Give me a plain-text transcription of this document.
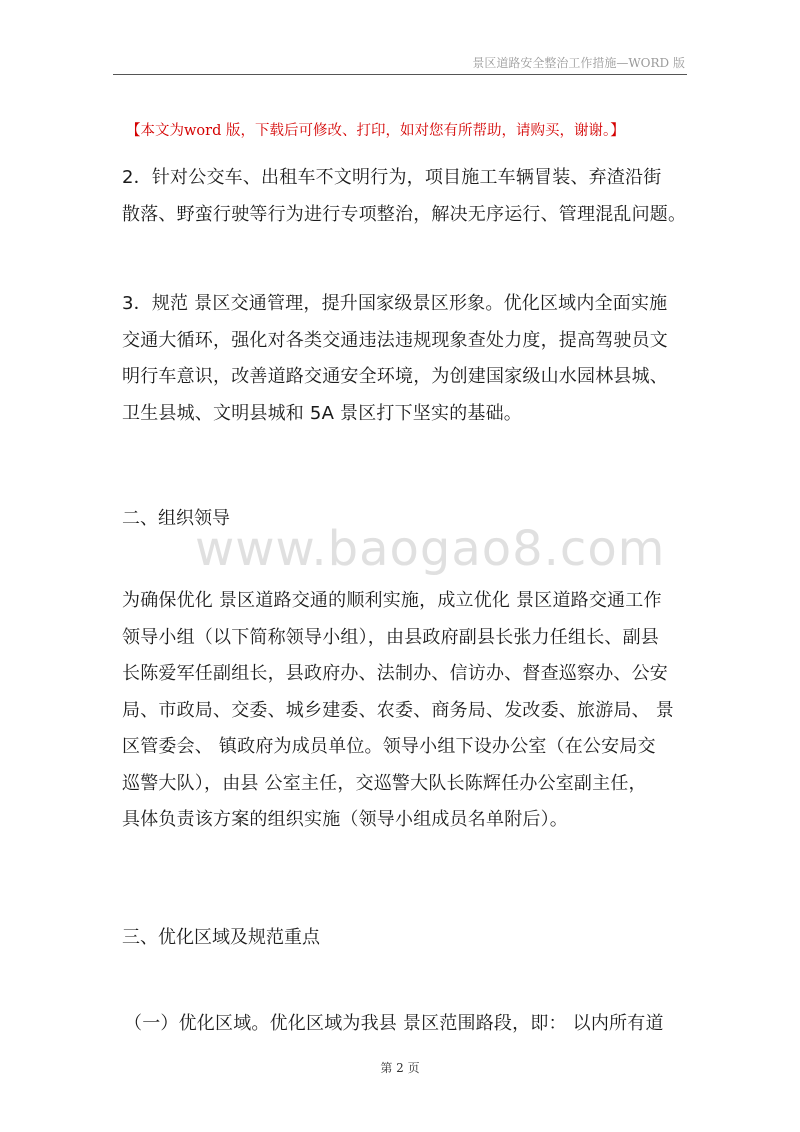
景区道路安全整治工作措施—WORD 版
【本文为word 版，下载后可修改、打印，如对您有所帮助，请购买，谢谢。】
2．针对公交车、出租车不文明行为，项目施工车辆冒装、弃渣沿街
散落、野蛮行驶等行为进行专项整治，解决无序运行、管理混乱问题。
3．规范 景区交通管理，提升国家级景区形象。优化区域内全面实施
交通大循环，强化对各类交通违法违规现象查处力度，提高驾驶员文
明行车意识，改善道路交通安全环境，为创建国家级山水园林县城、
卫生县城、文明县城和 5A 景区打下坚实的基础。
二、组织领导
www.baogao8.com
为确保优化 景区道路交通的顺利实施，成立优化 景区道路交通工作
领导小组（以下简称领导小组），由县政府副县长张力任组长、副县
长陈爱军任副组长，县政府办、法制办、信访办、督查巡察办、公安
局、市政局、交委、城乡建委、农委、商务局、发改委、旅游局、 景
区管委会、 镇政府为成员单位。领导小组下设办公室（在公安局交
巡警大队），由县 公室主任，交巡警大队长陈辉任办公室副主任，
具体负责该方案的组织实施（领导小组成员名单附后）。
三、优化区域及规范重点
（一）优化区域。优化区域为我县 景区范围路段，即： 以内所有道
第 2 页
